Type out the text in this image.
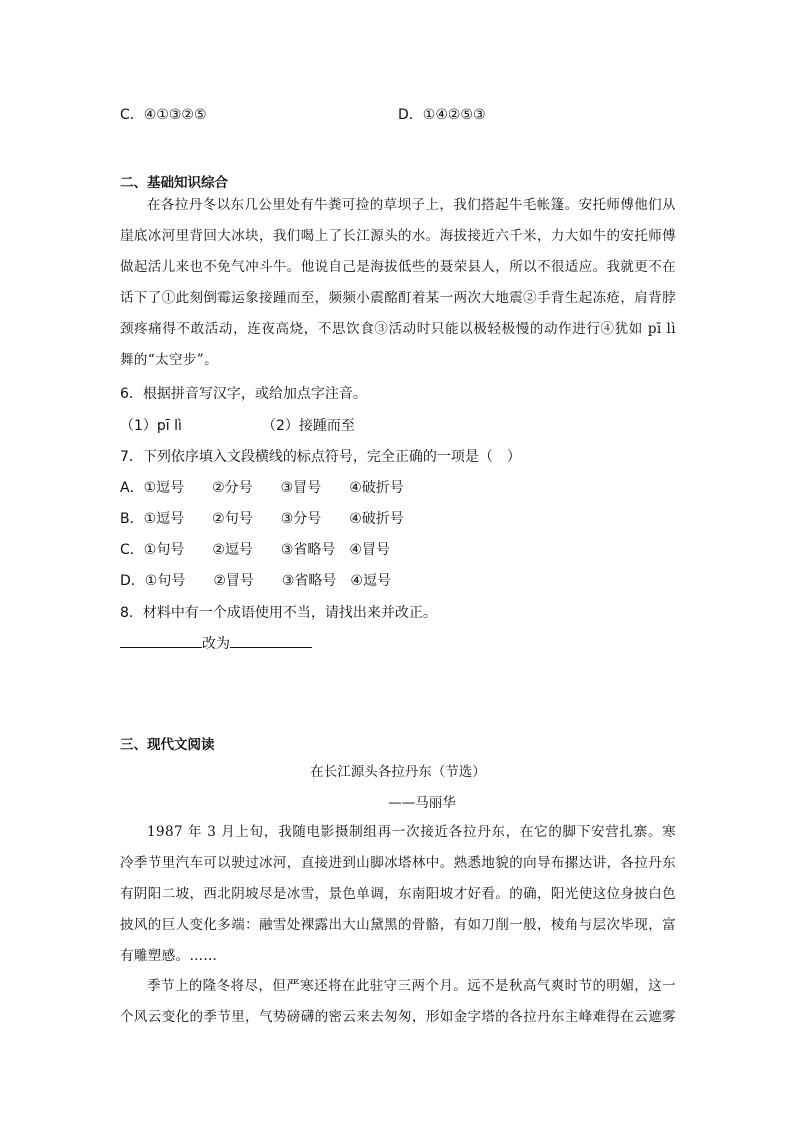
C．④①③②⑤	D．①④②⑤③
二、基础知识综合

在各拉丹冬以东几公里处有牛粪可捡的草坝子上，我们搭起牛毛帐篷。安托师傅他们从崖底冰河里背回大冰块，我们喝上了长江源头的水。海拔接近六千米，力大如牛的安托师傅做起活儿来也不免气冲斗牛。他说自己是海拔低些的聂荣县人，所以不很适应。我就更不在话下了①此刻倒霉运象接踵而至，频频小震酩酊着某一两次大地震②手背生起冻疮，肩背脖颈疼痛得不敢活动，连夜高烧，不思饮食③活动时只能以极轻极慢的动作进行④犹如 pī lì 舞的“太空步”。

6．根据拼音写汉字，或给加点字注音。
（1）pī lì	（2）接踵而至
7．下列依序填入文段横线的标点符号，完全正确的一项是（　）
A．①逗号　　②分号　　③冒号　　④破折号
B．①逗号　　②句号　　③分号　　④破折号
C．①句号　　②逗号　　③省略号　④冒号
D．①句号　　②冒号　　③省略号　④逗号
8．材料中有一个成语使用不当，请找出来并改正。
改为
三、现代文阅读
在长江源头各拉丹东（节选）
——马丽华

1987 年 3 月上旬，我随电影摄制组再一次接近各拉丹东，在它的脚下安营扎寨。寒冷季节里汽车可以驶过冰河，直接进到山脚冰塔林中。熟悉地貌的向导布摞达讲，各拉丹东有阴阳二坡，西北阴坡尽是冰雪，景色单调，东南阳坡才好看。的确，阳光使这位身披白色披风的巨人变化多端：融雪处裸露出大山黛黑的骨骼，有如刀削一般，棱角与层次毕现，富有雕塑感。……

季节上的隆冬将尽，但严寒还将在此驻守三两个月。远不是秋高气爽时节的明媚，这一个风云变化的季节里，气势磅礴的密云来去匆匆，形如金字塔的各拉丹东主峰难得在云遮雾
